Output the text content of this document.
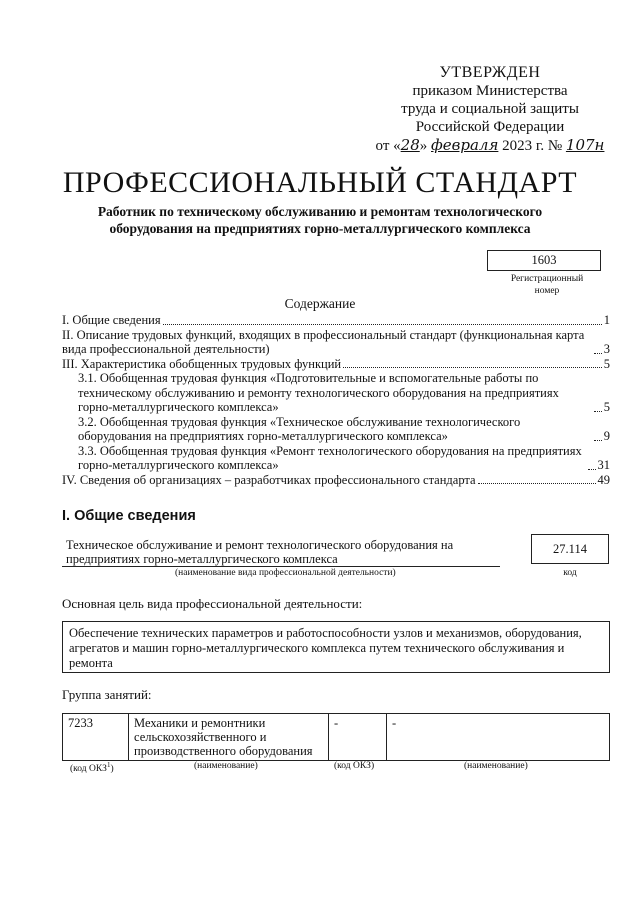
УТВЕРЖДЕН
приказом Министерства
труда и социальной защиты
Российской Федерации
от «28» февраля 2023 г. № 107н
ПРОФЕССИОНАЛЬНЫЙ СТАНДАРТ
Работник по техническому обслуживанию и ремонтам технологического оборудования на предприятиях горно-металлургического комплекса
1603
Регистрационный номер
Содержание
I. Общие сведения	1
II. Описание трудовых функций, входящих в профессиональный стандарт (функциональная карта вида профессиональной деятельности)	3
III. Характеристика обобщенных трудовых функций	5
3.1. Обобщенная трудовая функция «Подготовительные и вспомогательные работы по техническому обслуживанию и ремонту технологического оборудования на предприятиях горно-металлургического комплекса»	5
3.2. Обобщенная трудовая функция «Техническое обслуживание технологического оборудования на предприятиях горно-металлургического комплекса»	9
3.3. Обобщенная трудовая функция «Ремонт технологического оборудования на предприятиях горно-металлургического комплекса»	31
IV. Сведения об организациях – разработчиках профессионального стандарта	49
I. Общие сведения
Техническое обслуживание и ремонт технологического оборудования на предприятиях горно-металлургического комплекса
(наименование вида профессиональной деятельности)
27.114
код
Основная цель вида профессиональной деятельности:
Обеспечение технических параметров и работоспособности узлов и механизмов, оборудования, агрегатов и машин горно-металлургического комплекса путем технического обслуживания и ремонта
Группа занятий:
7233	Механики и ремонтники сельскохозяйственного и производственного оборудования	-	-
(код ОКЗ$^1$)	(наименование)	(код ОКЗ)	(наименование)
